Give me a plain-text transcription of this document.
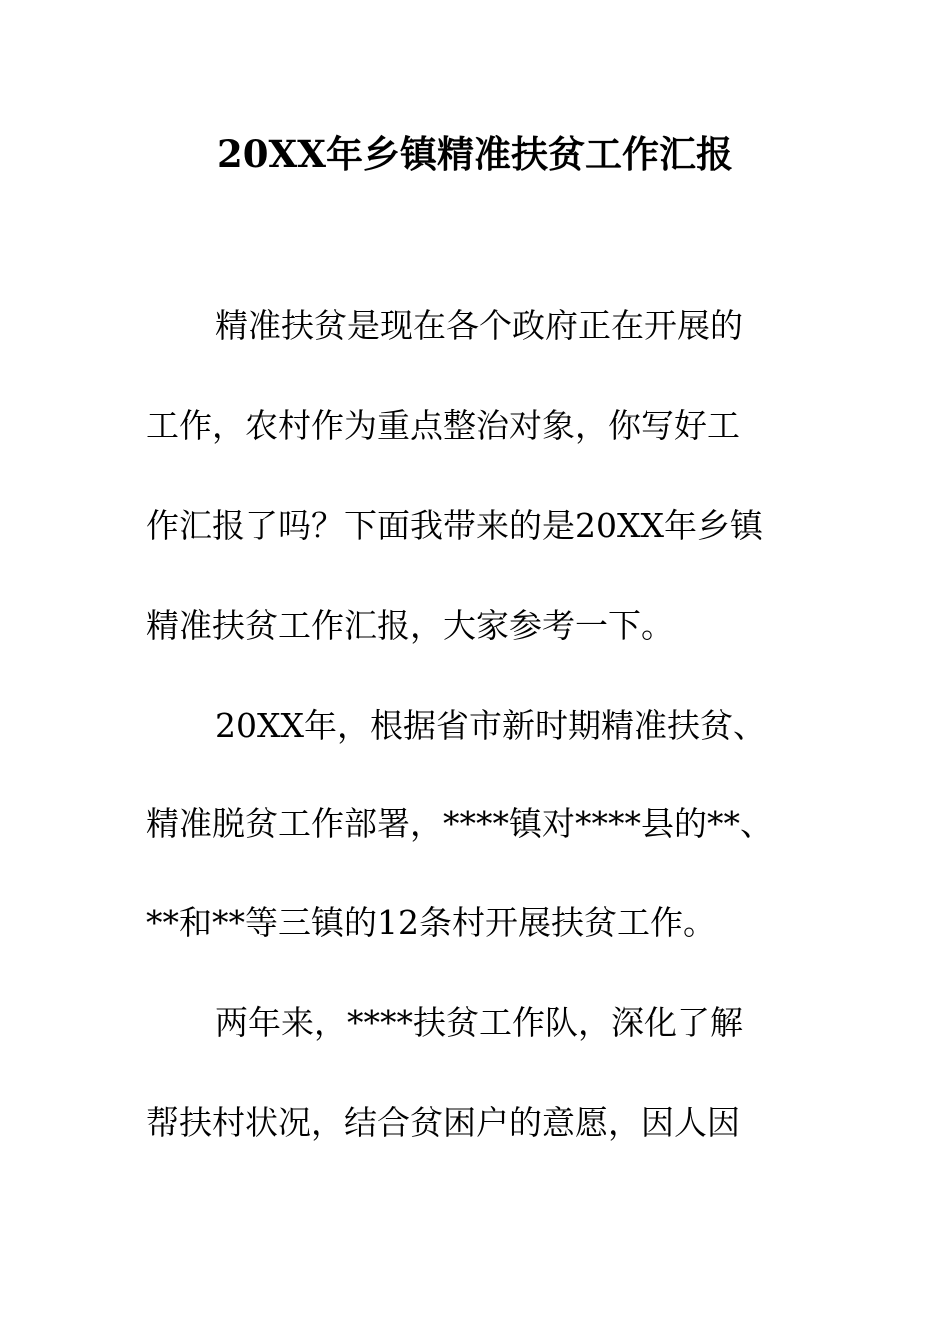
20XX年乡镇精准扶贫工作汇报
精准扶贫是现在各个政府正在开展的
工作，农村作为重点整治对象，你写好工
作汇报了吗？下面我带来的是20XX年乡镇
精准扶贫工作汇报，大家参考一下。
20XX年，根据省市新时期精准扶贫、
精准脱贫工作部署，****镇对****县的**、
**和**等三镇的12条村开展扶贫工作。
两年来，****扶贫工作队，深化了解
帮扶村状况，结合贫困户的意愿，因人因
